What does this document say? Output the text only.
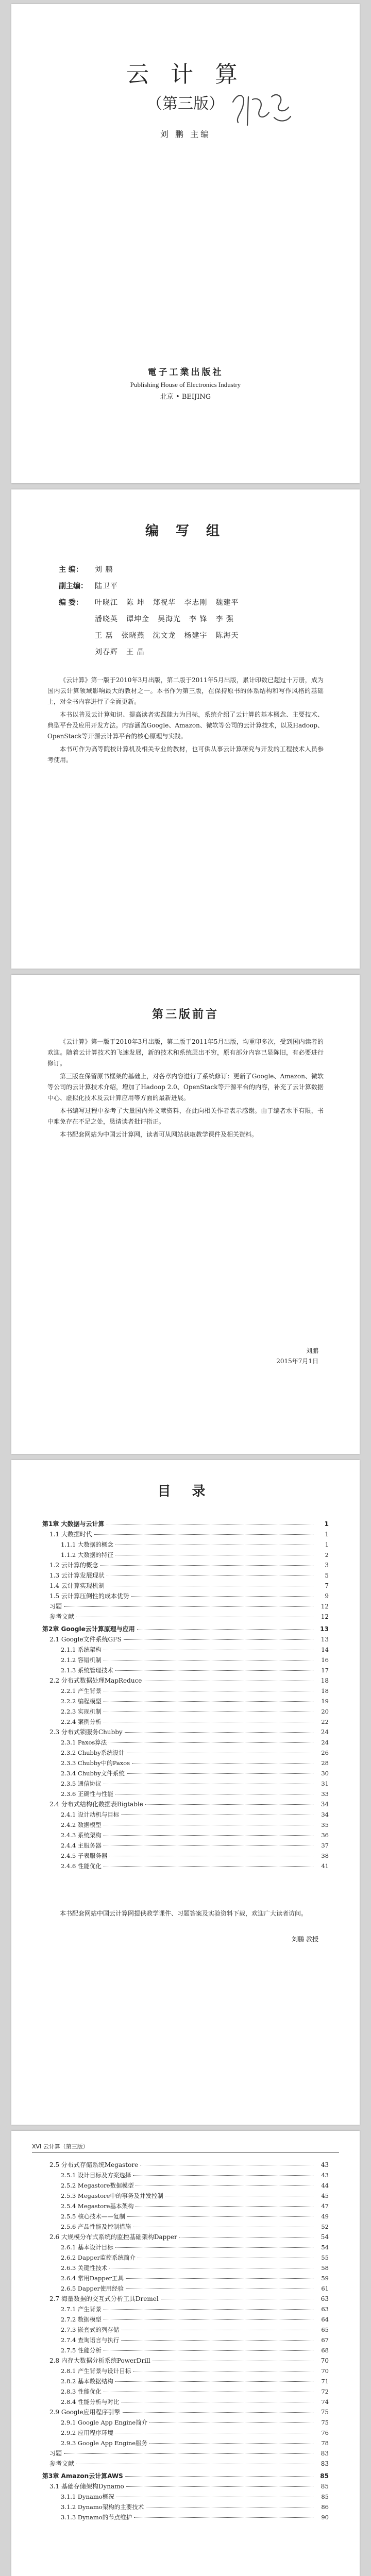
云 计 算
（第三版）
刘 鹏 主编
電子工業出版社
Publishing House of Electronics Industry
北京 • BEIJING
编 写 组
主 编：	刘 鹏
副主编：	陆卫平
编 委：	叶晓江 陈 坤 郑祝华 李志刚 魏建平
潘晓英 谭坤金 吴海光 李 锋 李 强
王 磊 张晓燕 沈文龙 杨建宇 陈海天
刘春辉 王 晶

《云计算》第一版于2010年3月出版，第二版于2011年5月出版，累计印数已超过十万册，成为国内云计算领域影响最大的教材之一。本书作为第三版，在保持原书的体系结构和写作风格的基础上，对全书内容进行了全面更新。

本书以普及云计算知识、提高读者实践能力为目标，系统介绍了云计算的基本概念、主要技术、典型平台及应用开发方法。内容涵盖Google、Amazon、微软等公司的云计算技术，以及Hadoop、OpenStack等开源云计算平台的核心原理与实践。

本书可作为高等院校计算机及相关专业的教材，也可供从事云计算研究与开发的工程技术人员参考使用。

第三版前言

《云计算》第一版于2010年3月出版，第二版于2011年5月出版，均重印多次，受到国内读者的欢迎。随着云计算技术的飞速发展，新的技术和系统层出不穷，原有部分内容已显陈旧，有必要进行修订。

第三版在保留原书框架的基础上，对各章内容进行了系统修订：更新了Google、Amazon、微软等公司的云计算技术介绍，增加了Hadoop 2.0、OpenStack等开源平台的内容，补充了云计算数据中心、虚拟化技术及云计算应用等方面的最新进展。

本书编写过程中参考了大量国内外文献资料，在此向相关作者表示感谢。由于编者水平有限，书中难免存在不足之处，恳请读者批评指正。

本书配套网站为中国云计算网，读者可从网站获取教学课件及相关资料。

刘鹏
2015年7月1日
目 录
第1章 大数据与云计算	1
1.1 大数据时代	1
1.1.1 大数据的概念	1
1.1.2 大数据的特征	2
1.2 云计算的概念	3
1.3 云计算发展现状	5
1.4 云计算实现机制	7
1.5 云计算压倒性的成本优势	9
习题	12
参考文献	12
第2章 Google云计算原理与应用	13
2.1 Google文件系统GFS	13
2.1.1 系统架构	14
2.1.2 容错机制	16
2.1.3 系统管理技术	17
2.2 分布式数据处理MapReduce	18
2.2.1 产生背景	18
2.2.2 编程模型	19
2.2.3 实现机制	20
2.2.4 案例分析	22
2.3 分布式锁服务Chubby	24
2.3.1 Paxos算法	24
2.3.2 Chubby系统设计	26
2.3.3 Chubby中的Paxos	28
2.3.4 Chubby文件系统	30
2.3.5 通信协议	31
2.3.6 正确性与性能	33
2.4 分布式结构化数据表Bigtable	34
2.4.1 设计动机与目标	34
2.4.2 数据模型	35
2.4.3 系统架构	36
2.4.4 主服务器	37
2.4.5 子表服务器	38
2.4.6 性能优化	41
本书配套网站中国云计算网提供教学课件、习题答案及实验资料下载，欢迎广大读者访问。
刘鹏 教授
XVI 云计算（第三版）
2.5 分布式存储系统Megastore	43
2.5.1 设计目标及方案选择	43
2.5.2 Megastore数据模型	44
2.5.3 Megastore中的事务及并发控制	45
2.5.4 Megastore基本架构	47
2.5.5 核心技术——复制	49
2.5.6 产品性能及控制措施	52
2.6 大规模分布式系统的监控基础架构Dapper	54
2.6.1 基本设计目标	54
2.6.2 Dapper监控系统简介	55
2.6.3 关键性技术	58
2.6.4 常用Dapper工具	59
2.6.5 Dapper使用经验	61
2.7 海量数据的交互式分析工具Dremel	63
2.7.1 产生背景	63
2.7.2 数据模型	64
2.7.3 嵌套式的列存储	65
2.7.4 查询语言与执行	67
2.7.5 性能分析	68
2.8 内存大数据分析系统PowerDrill	70
2.8.1 产生背景与设计目标	70
2.8.2 基本数据结构	71
2.8.3 性能优化	72
2.8.4 性能分析与对比	74
2.9 Google应用程序引擎	75
2.9.1 Google App Engine简介	75
2.9.2 应用程序环境	76
2.9.3 Google App Engine服务	78
习题	83
参考文献	83
第3章 Amazon云计算AWS	85
3.1 基础存储架构Dynamo	85
3.1.1 Dynamo概况	85
3.1.2 Dynamo架构的主要技术	86
3.1.3 Dynamo的节点维护	90
